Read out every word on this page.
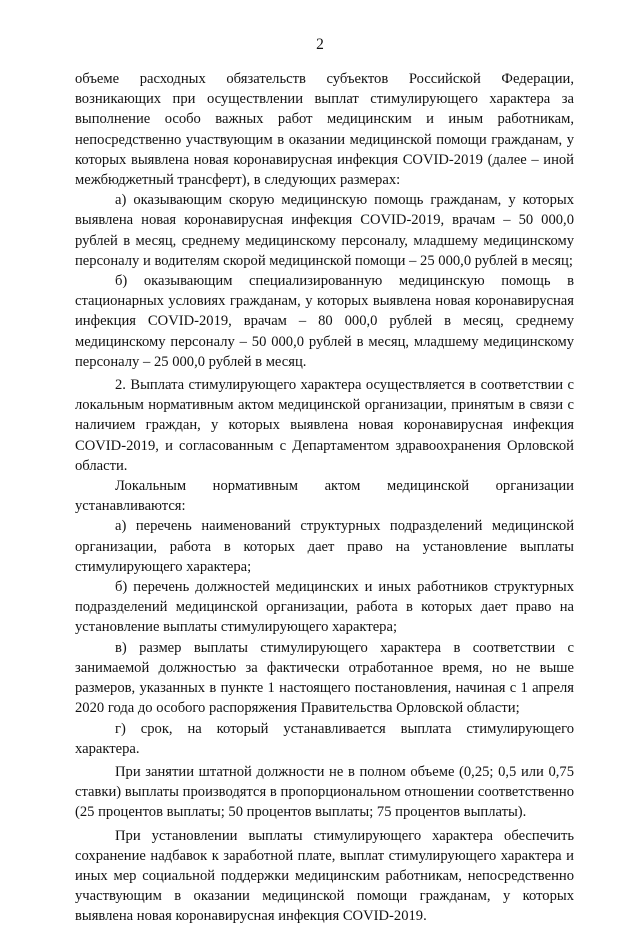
2

объеме расходных обязательств субъектов Российской Федерации, возникающих при осуществлении выплат стимулирующего характера за выполнение особо важных работ медицинским и иным работникам, непосредственно участвующим в оказании медицинской помощи гражданам, у которых выявлена новая коронавирусная инфекция COVID-2019 (далее – иной межбюджетный трансферт), в следующих размерах:

а) оказывающим скорую медицинскую помощь гражданам, у которых выявлена новая коронавирусная инфекция COVID-2019, врачам – 50 000,0 рублей в месяц, среднему медицинскому персоналу, младшему медицинскому персоналу и водителям скорой медицинской помощи – 25 000,0 рублей в месяц;

б) оказывающим специализированную медицинскую помощь в стационарных условиях гражданам, у которых выявлена новая коронавирусная инфекция COVID-2019, врачам – 80 000,0 рублей в месяц, среднему медицинскому персоналу – 50 000,0 рублей в месяц, младшему медицинскому персоналу – 25 000,0 рублей в месяц.

2. Выплата стимулирующего характера осуществляется в соответствии с локальным нормативным актом медицинской организации, принятым в связи с наличием граждан, у которых выявлена новая коронавирусная инфекция COVID-2019, и согласованным с Департаментом здравоохранения Орловской области.

Локальным нормативным актом медицинской организации устанавливаются:

а) перечень наименований структурных подразделений медицинской организации, работа в которых дает право на установление выплаты стимулирующего характера;

б) перечень должностей медицинских и иных работников структурных подразделений медицинской организации, работа в которых дает право на установление выплаты стимулирующего характера;

в) размер выплаты стимулирующего характера в соответствии с занимаемой должностью за фактически отработанное время, но не выше размеров, указанных в пункте 1 настоящего постановления, начиная с 1 апреля 2020 года до особого распоряжения Правительства Орловской области;

г) срок, на который устанавливается выплата стимулирующего характера.

При занятии штатной должности не в полном объеме (0,25; 0,5 или 0,75 ставки) выплаты производятся в пропорциональном отношении соответственно (25 процентов выплаты; 50 процентов выплаты; 75 процентов выплаты).

При установлении выплаты стимулирующего характера обеспечить сохранение надбавок к заработной плате, выплат стимулирующего характера и иных мер социальной поддержки медицинским работникам, непосредственно участвующим в оказании медицинской помощи гражданам, у которых выявлена новая коронавирусная инфекция COVID-2019.
